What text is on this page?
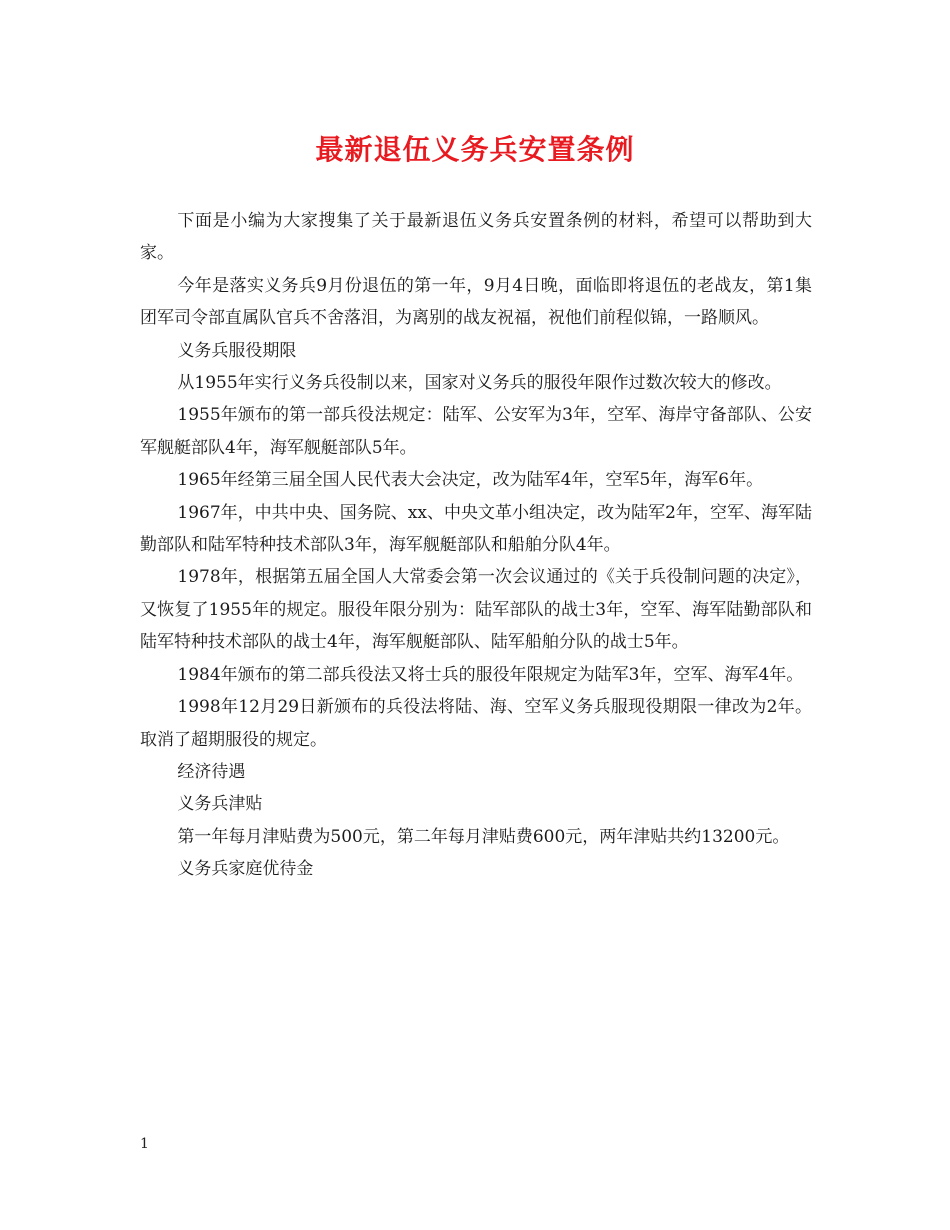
最新退伍义务兵安置条例

下面是小编为大家搜集了关于最新退伍义务兵安置条例的材料，希望可以帮助到大家。

今年是落实义务兵9月份退伍的第一年，9月4日晚，面临即将退伍的老战友，第1集团军司令部直属队官兵不舍落泪，为离别的战友祝福，祝他们前程似锦，一路顺风。

义务兵服役期限

从1955年实行义务兵役制以来，国家对义务兵的服役年限作过数次较大的修改。

1955年颁布的第一部兵役法规定：陆军、公安军为3年，空军、海岸守备部队、公安军舰艇部队4年，海军舰艇部队5年。

1965年经第三届全国人民代表大会决定，改为陆军4年，空军5年，海军6年。

1967年，中共中央、国务院、xx、中央文革小组决定，改为陆军2年，空军、海军陆勤部队和陆军特种技术部队3年，海军舰艇部队和船舶分队4年。

1978年，根据第五届全国人大常委会第一次会议通过的《关于兵役制问题的决定》，又恢复了1955年的规定。服役年限分别为：陆军部队的战士3年，空军、海军陆勤部队和陆军特种技术部队的战士4年，海军舰艇部队、陆军船舶分队的战士5年。

1984年颁布的第二部兵役法又将士兵的服役年限规定为陆军3年，空军、海军4年。

1998年12月29日新颁布的兵役法将陆、海、空军义务兵服现役期限一律改为2年。取消了超期服役的规定。

经济待遇

义务兵津贴

第一年每月津贴费为500元，第二年每月津贴费600元，两年津贴共约13200元。

义务兵家庭优待金

1
